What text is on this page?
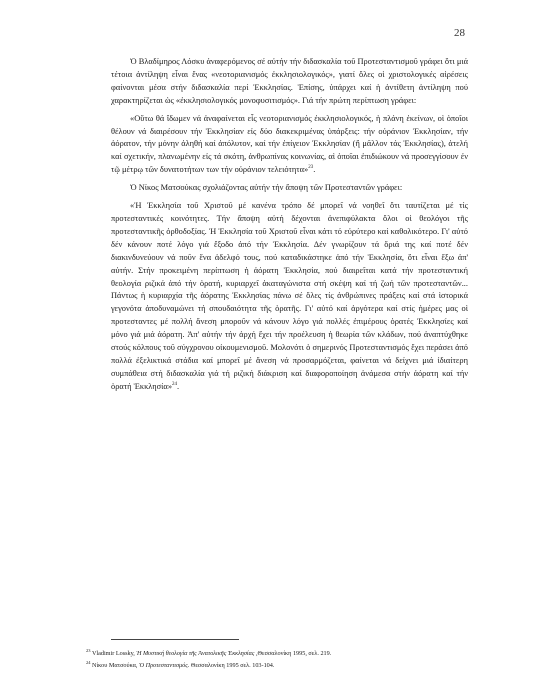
28

Ὁ Βλαδίμηρος Λόσκυ ἀναφερόμενος σέ αὐτήν τήν διδασκαλία τοῦ Προτεσταντισμοῦ γράφει ὅτι μιά τέτοια ἀντίληψη εἶναι ἕνας «νεοτοριανισμός ἐκκλησιολογικός», γιατί ὅλες οἱ χριστολογικές αἱρέσεις φαίνονται μέσα στήν διδασκαλία περί Ἐκκλησίας. Ἐπίσης, ὑπάρχει καί ἡ ἀντίθετη ἀντίληψη πού χαρακτηρίζεται ὡς «ἐκκλησιολογικός μονοφυσιτισμός». Γιά τήν πρώτη περίπτωση γράφει:

«Οὕτω θά ἴδωμεν νά ἀναφαίνεται εἷς νεοτοριανισμός ἐκκλησιολογικός, ἡ πλάνη ἐκείνων, οἱ ὁποῖοι θέλουν νά διαιρέσουν τήν Ἐκκλησίαν εἰς δύο διακεκριμένας ὑπάρξεις: τήν οὐράνιον Ἐκκλησίαν, τήν ἀόρατον, τήν μόνην ἀληθή καί ἀπόλυτον, καί τήν ἐπίγειον Ἐκκλησίαν (ἤ μᾶλλον τάς Ἐκκλησίας), ἀτελή καί σχετικήν, πλανωμένην εἰς τά σκότη, ἀνθρωπίνας κοινωνίας, αἱ ὁποῖαι ἐπιδιώκουν νά προσεγγίσουν ἐν τῷ μέτρῳ τῶν δυνατοτήτων των τήν οὐράνιον τελειότητα»$^{23}$.

Ὁ Νίκος Ματσούκας σχολιάζοντας αὐτήν τήν ἄποψη τῶν Προτεσταντῶν γράφει:

«Ἡ Ἐκκλησία τοῦ Χριστοῦ μέ κανένα τρόπο δέ μπορεῖ νά νοηθεῖ ὅτι ταυτίζεται μέ τίς προτεσταντικές κοινότητες. Τήν ἄποψη αὐτή δέχονται ἀνεπιφύλακτα ὅλοι οἱ θεολόγοι τῆς προτεσταντικῆς ὀρθοδοξίας. Ἡ Ἐκκλησία τοῦ Χριστοῦ εἶναι κάτι τό εὐρύτερο καί καθολικότερο. Γι' αὐτό δέν κάνουν ποτέ λόγο γιά ἔξοδο ἀπό τήν Ἐκκλησία. Δέν γνωρίζουν τά ὅριά της καί ποτέ δέν διακινδυνεύουν νά ποῦν ἕνα ἀδελφό τους, πού καταδικάστηκε ἀπό τήν Ἐκκλησία, ὅτι εἶναι ἔξω ἀπ' αὐτήν. Στήν προκειμένη περίπτωση ἡ ἀόρατη Ἐκκλησία, πού διαιρεῖται κατά τήν προτεσταντική θεολογία ριζικά ἀπό τήν ὁρατή, κυριαρχεῖ ἀκαταγώνιστα στή σκέψη καί τή ζωή τῶν προτεσταντῶν... Πάντως ἡ κυριαρχία τῆς ἀόρατης Ἐκκλησίας πάνω σέ ὅλες τίς ἀνθρώπινες πράξεις καί στά ἱστορικά γεγονότα ἀποδυναμώνει τή σπουδαιότητα τῆς ὁρατῆς. Γι' αὐτό καί ἀργότερα καί στίς ἡμέρες μας οἱ προτεσταντες μέ πολλή ἄνεση μποροῦν νά κάνουν λόγο γιά πολλές ἐπιμέρους ὁρατές Ἐκκλησίες καί μόνο γιά μιά ἀόρατη. Ἀπ' αὐτήν τήν ἀρχή ἔχει τήν προέλευση ἡ θεωρία τῶν κλάδων, πού ἀναπτύχθηκε στούς κόλπους τοῦ σύγχρονου οἰκουμενισμοῦ. Μολονότι ὁ σημερινός Προτεσταντισμός ἔχει περάσει ἀπό πολλά ἐξελικτικά στάδια καί μπορεῖ μέ ἄνεση νά προσαρμόζεται, φαίνεται νά δείχνει μιά ἰδιαίτερη συμπάθεια στή διδασκαλία γιά τή ριζική διάκριση καί διαφοροποίηση ἀνάμεσα στήν ἀόρατη καί τήν ὁρατή Ἐκκλησία»$^{24}$.

$^{23}$ Vladimir Lossky, Ἡ Μυστική θεολογία τῆς Ἀνατολικῆς Ἐκκλησίας ,Θεσσαλονίκη 1995, σελ. 219.

$^{24}$ Νίκου Ματσούκα, Ὁ Προτεσταντισμός. Θεσσαλονίκη 1995 σελ. 103-104.
